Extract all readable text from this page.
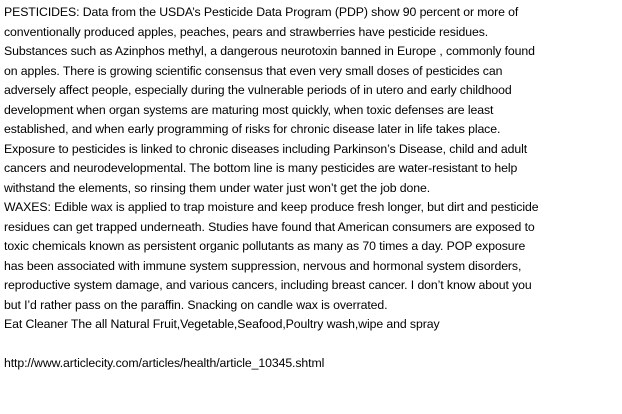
PESTICIDES: Data from the USDA’s Pesticide Data Program (PDP) show 90 percent or more of
conventionally produced apples, peaches, pears and strawberries have pesticide residues.
Substances such as Azinphos methyl, a dangerous neurotoxin banned in Europe , commonly found
on apples. There is growing scientific consensus that even very small doses of pesticides can
adversely affect people, especially during the vulnerable periods of in utero and early childhood
development when organ systems are maturing most quickly, when toxic defenses are least
established, and when early programming of risks for chronic disease later in life takes place.
Exposure to pesticides is linked to chronic diseases including Parkinson’s Disease, child and adult
cancers and neurodevelopmental. The bottom line is many pesticides are water-resistant to help
withstand the elements, so rinsing them under water just won’t get the job done.
WAXES: Edible wax is applied to trap moisture and keep produce fresh longer, but dirt and pesticide
residues can get trapped underneath. Studies have found that American consumers are exposed to
toxic chemicals known as persistent organic pollutants as many as 70 times a day. POP exposure
has been associated with immune system suppression, nervous and hormonal system disorders,
reproductive system damage, and various cancers, including breast cancer. I don’t know about you
but I’d rather pass on the paraffin. Snacking on candle wax is overrated.
Eat Cleaner The all Natural Fruit,Vegetable,Seafood,Poultry wash,wipe and spray
http://www.articlecity.com/articles/health/article_10345.shtml
